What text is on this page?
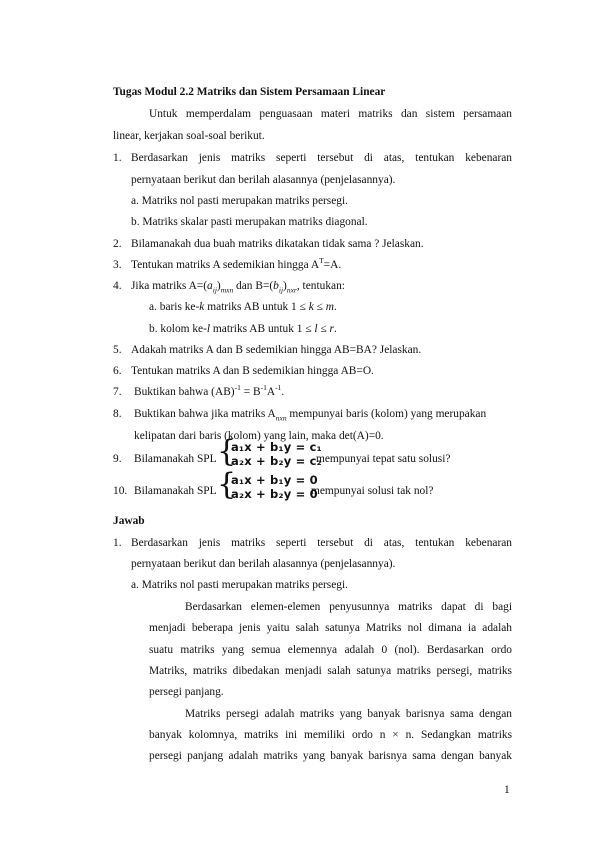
Tugas Modul 2.2 Matriks dan Sistem Persamaan Linear
Untuk memperdalam penguasaan materi matriks dan sistem persamaan
linear, kerjakan soal-soal berikut.
1. Berdasarkan jenis matriks seperti tersebut di atas, tentukan kebenaran
pernyataan berikut dan berilah alasannya (penjelasannya).
a. Matriks nol pasti merupakan matriks persegi.
b. Matriks skalar pasti merupakan matriks diagonal.
2. Bilamanakah dua buah matriks dikatakan tidak sama ? Jelaskan.
3. Tentukan matriks A sedemikian hingga $A^T=A$.
4. Jika matriks $A=(a_{ij})_{mxn}$ dan $B=(b_{ij})_{nxr}$, tentukan:
a. baris ke-k matriks AB untuk 1 ≤ k ≤ m.
b. kolom ke-l matriks AB untuk 1 ≤ l ≤ r.
5. Adakah matriks A dan B sedemikian hingga AB=BA? Jelaskan.
6. Tentukan matriks A dan B sedemikian hingga AB=O.
7. Buktikan bahwa $(AB)^{-1} = B^{-1}A^{-1}$.
8. Buktikan bahwa jika matriks $A_{nxn}$ mempunyai baris (kolom) yang merupakan
kelipatan dari baris (kolom) yang lain, maka det(A)=0.
9. Bilamanakah SPL {
a₁x + b₁y = c₁
a₂x + b₂y = c₂
mempunyai tepat satu solusi?
10. Bilamanakah SPL {
a₁x + b₁y = 0
a₂x + b₂y = 0
mempunyai solusi tak nol?
Jawab
1. Berdasarkan jenis matriks seperti tersebut di atas, tentukan kebenaran
pernyataan berikut dan berilah alasannya (penjelasannya).
a. Matriks nol pasti merupakan matriks persegi.
Berdasarkan elemen-elemen penyusunnya matriks dapat di bagi
menjadi beberapa jenis yaitu salah satunya Matriks nol dimana ia adalah
suatu matriks yang semua elemennya adalah 0 (nol). Berdasarkan ordo
Matriks, matriks dibedakan menjadi salah satunya matriks persegi, matriks
persegi panjang.
Matriks persegi adalah matriks yang banyak barisnya sama dengan
banyak kolomnya, matriks ini memiliki ordo n × n. Sedangkan matriks
persegi panjang adalah matriks yang banyak barisnya sama dengan banyak
1
